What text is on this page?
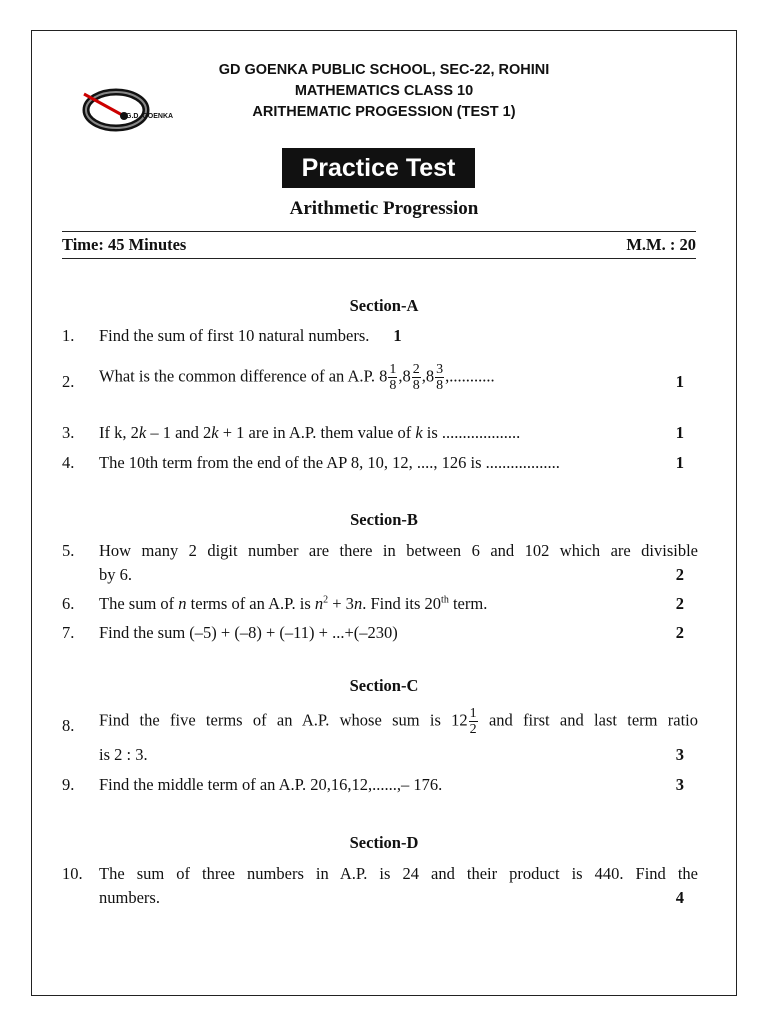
G.D. GOENKA
GD GOENKA PUBLIC SCHOOL, SEC-22, ROHINI
MATHEMATICS CLASS 10
ARITHEMATIC PROGESSION (TEST 1)
Practice Test
Arithmetic Progression
Time: 45 Minutes	M.M. : 20
Section-A
1. Find the sum of first 10 natural numbers. 1
2. What is the common difference of an A.P. $8 \frac{1}{8} ,8 \frac{2}{8} ,8 \frac{3}{8}$ ,...........	1
3. If k, 2k – 1 and 2k + 1 are in A.P. them value of k is ...................	1
4. The 10th term from the end of the AP 8, 10, 12, ...., 126 is ..................	1
Section-B
5. How many 2 digit number are there in between 6 and 102 which are divisible
by 6.	2
6. The sum of n terms of an A.P. is $n^2 + 3n$. Find its 20th term.	2
7. Find the sum (–5) + (–8) + (–11) + ...+(–230)	2
Section-C
8. Find the five terms of an A.P. whose sum is $12 \frac{1}{2}$ and first and last term ratio
is 2 : 3.	3
9. Find the middle term of an A.P. 20,16,12,......,– 176.	3
Section-D
10. The sum of three numbers in A.P. is 24 and their product is 440. Find the
numbers.	4
